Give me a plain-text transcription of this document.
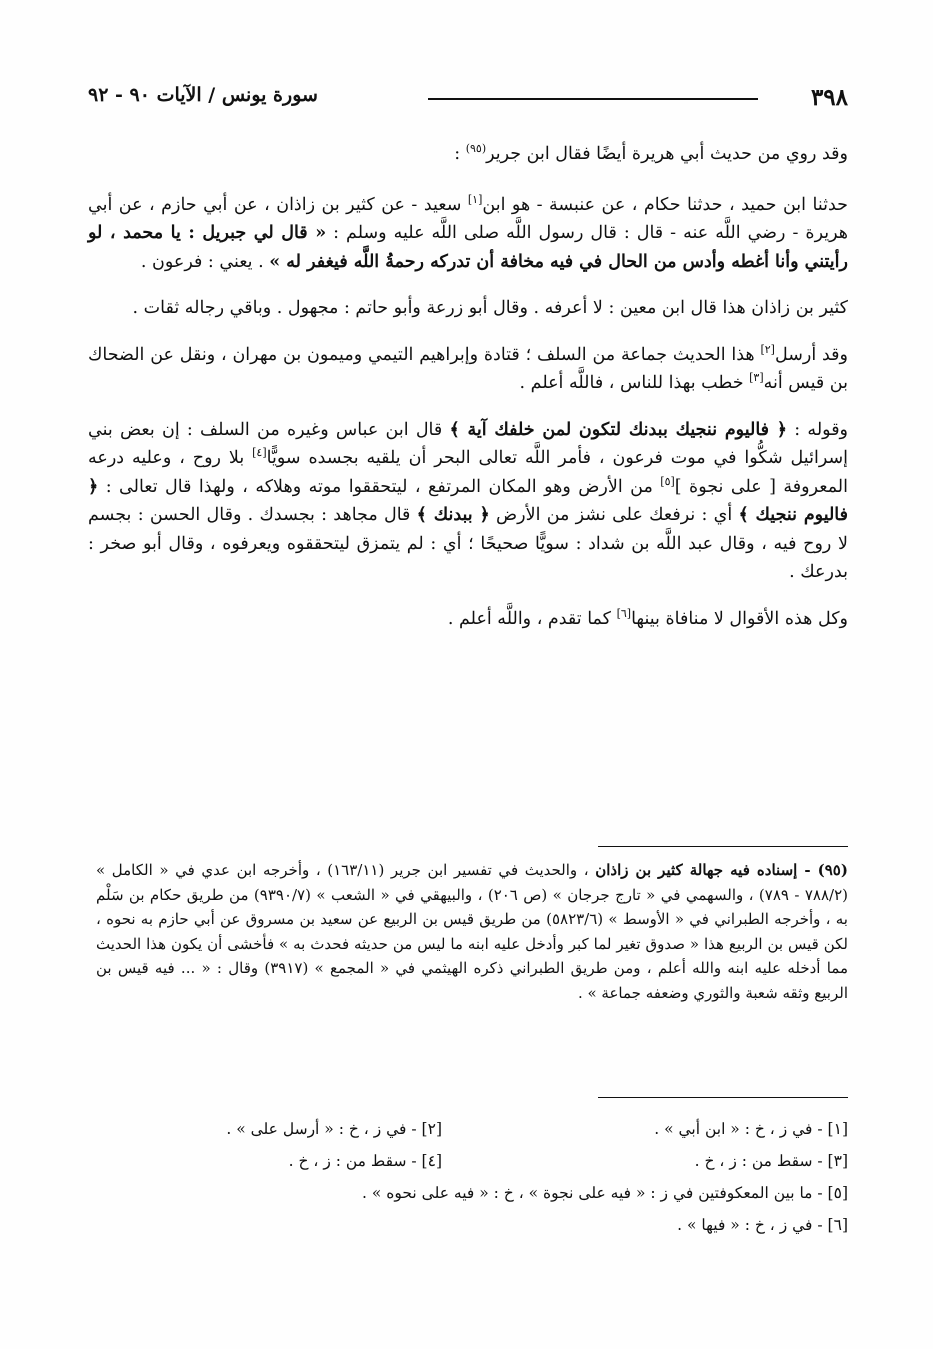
٣٩٨
سورة يونس / الآيات ٩٠ - ٩٢

وقد روي من حديث أبي هريرة أيضًا فقال ابن جرير$^{(٩٥)}$ :

حدثنا ابن حميد ، حدثنا حكام ، عن عنبسة - هو ابن[١] سعيد - عن كثير بن زاذان ، عن أبي حازم ، عن أبي هريرة - رضي اللَّه عنه - قال : قال رسول اللَّه صلى اللَّه عليه وسلم : « قال لي جبريل : يا محمد ، لو رأيتني وأنا أغطه وأدس من الحال في فيه مخافة أن تدركه رحمةُ اللَّه فيغفر له » . يعني : فرعون .

كثير بن زاذان هذا قال ابن معين : لا أعرفه . وقال أبو زرعة وأبو حاتم : مجهول . وباقي رجاله ثقات .

وقد أرسل[٢] هذا الحديث جماعة من السلف ؛ قتادة وإبراهيم التيمي وميمون بن مهران ، ونقل عن الضحاك بن قيس أنه[٣] خطب بهذا للناس ، فاللَّه أعلم .

وقوله : ﴿ فاليوم ننجيك ببدنك لتكون لمن خلفك آية ﴾ قال ابن عباس وغيره من السلف : إن بعض بني إسرائيل شكُّوا في موت فرعون ، فأمر اللَّه تعالى البحر أن يلقيه بجسده سويًّا[٤] بلا روح ، وعليه درعه المعروفة [ على نجوة ][٥] من الأرض وهو المكان المرتفع ، ليتحققوا موته وهلاكه ، ولهذا قال تعالى : ﴿ فاليوم ننجيك ﴾ أي : نرفعك على نشز من الأرض ﴿ ببدنك ﴾ قال مجاهد : بجسدك . وقال الحسن : بجسم لا روح فيه ، وقال عبد اللَّه بن شداد : سويًّا صحيحًا ؛ أي : لم يتمزق ليتحققوه ويعرفوه ، وقال أبو صخر : بدرعك .

وكل هذه الأقوال لا منافاة بينها[٦] كما تقدم ، واللَّه أعلم .

(٩٥) - إسناده فيه جهالة كثير بن زاذان ، والحديث في تفسير ابن جرير (١٦٣/١١) ، وأخرجه ابن عدي في « الكامل » (٧٨٨/٢ - ٧٨٩) ، والسهمي في « تارج جرجان » (ص ٢٠٦) ، والبيهقي في « الشعب » (٩٣٩٠/٧) من طريق حكام بن سَلْم به ، وأخرجه الطبراني في « الأوسط » (٥٨٢٣/٦) من طريق قيس بن الربيع عن سعيد بن مسروق عن أبي حازم به نحوه ، لكن قيس بن الربيع هذا « صدوق تغير لما كبر وأدخل عليه ابنه ما ليس من حديثه فحدث به » فأخشى أن يكون هذا الحديث مما أدخله عليه ابنه والله أعلم ، ومن طريق الطبراني ذكره الهيثمي في « المجمع » (٣٩١٧) وقال : « ... فيه قيس بن الربيع وثقه شعبة والثوري وضعفه جماعة » .
[١] - في ز ، خ : « ابن أبي » .
[٢] - في ز ، خ : « أرسل على » .
[٣] - سقط من : ز ، خ .
[٤] - سقط من : ز ، خ .
[٥] - ما بين المعكوفتين في ز : « فيه على نجوة » ، خ : « فيه على نحوه » .
[٦] - في ز ، خ : « فيها » .
